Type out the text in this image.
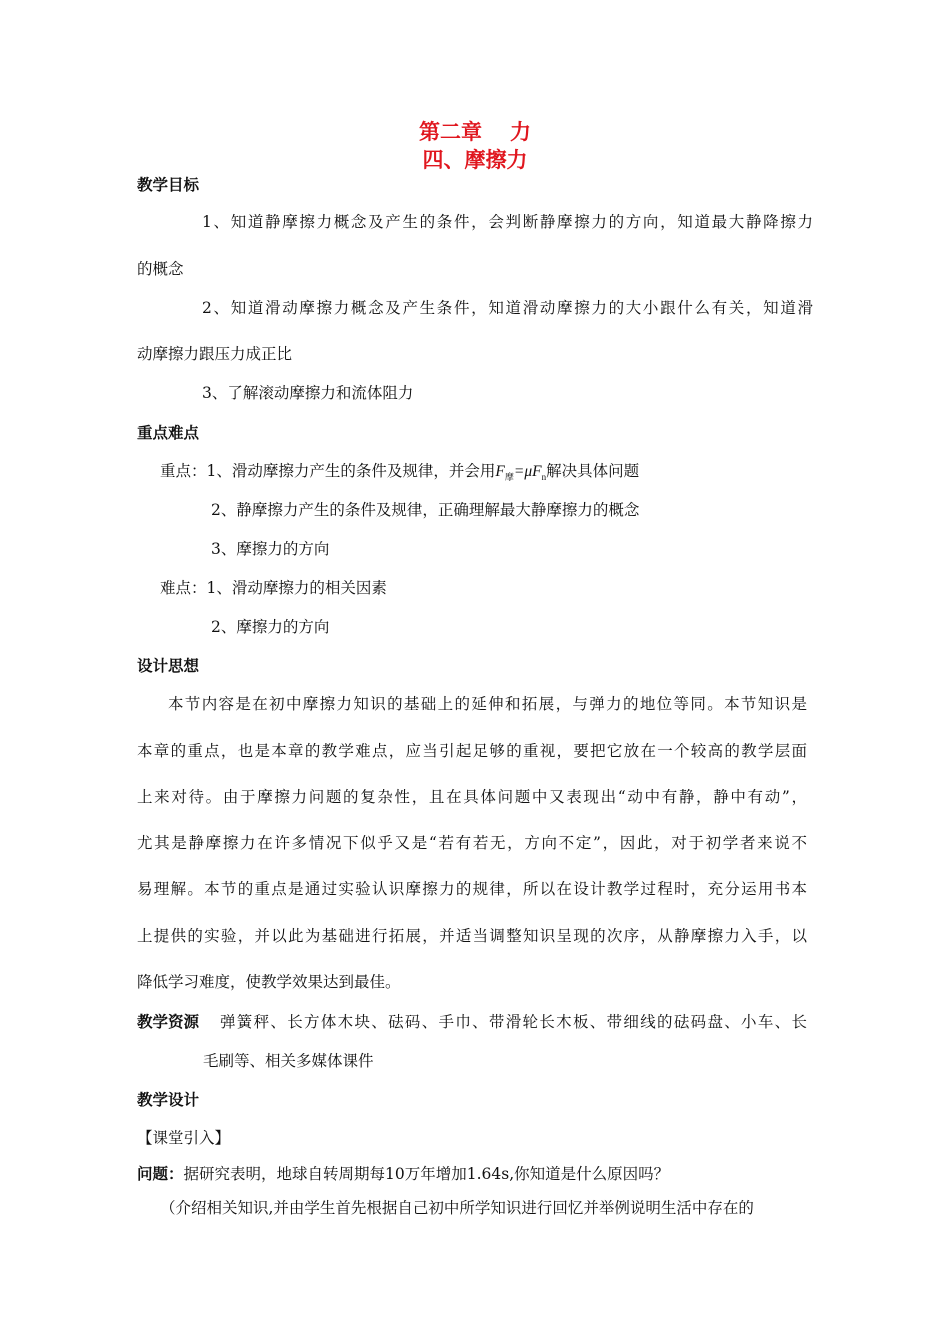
第二章 力
四、摩擦力
教学目标
1、知道静摩擦力概念及产生的条件，会判断静摩擦力的方向，知道最大静降擦力
的概念
2、知道滑动摩擦力概念及产生条件，知道滑动摩擦力的大小跟什么有关，知道滑
动摩擦力跟压力成正比
3、了解滚动摩擦力和流体阻力
重点难点
重点：1、滑动摩擦力产生的条件及规律，并会用$F_摩=\mu F_n$解决具体问题
2、静摩擦力产生的条件及规律，正确理解最大静摩擦力的概念
3、摩擦力的方向
难点：1、滑动摩擦力的相关因素
2、摩擦力的方向
设计思想
本节内容是在初中摩擦力知识的基础上的延伸和拓展，与弹力的地位等同。本节知识是
本章的重点，也是本章的教学难点，应当引起足够的重视，要把它放在一个较高的教学层面
上来对待。由于摩擦力问题的复杂性，且在具体问题中又表现出“动中有静，静中有动”，
尤其是静摩擦力在许多情况下似乎又是“若有若无，方向不定”，因此，对于初学者来说不
易理解。本节的重点是通过实验认识摩擦力的规律，所以在设计教学过程时，充分运用书本
上提供的实验，并以此为基础进行拓展，并适当调整知识呈现的次序，从静摩擦力入手，以
降低学习难度，使教学效果达到最佳。
教学资源 弹簧秤、长方体木块、砝码、手巾、带滑轮长木板、带细线的砝码盘、小车、长
毛刷等、相关多媒体课件
教学设计
【课堂引入】
问题：据研究表明，地球自转周期每10万年增加1.64s,你知道是什么原因吗？
（介绍相关知识,并由学生首先根据自己初中所学知识进行回忆并举例说明生活中存在的
